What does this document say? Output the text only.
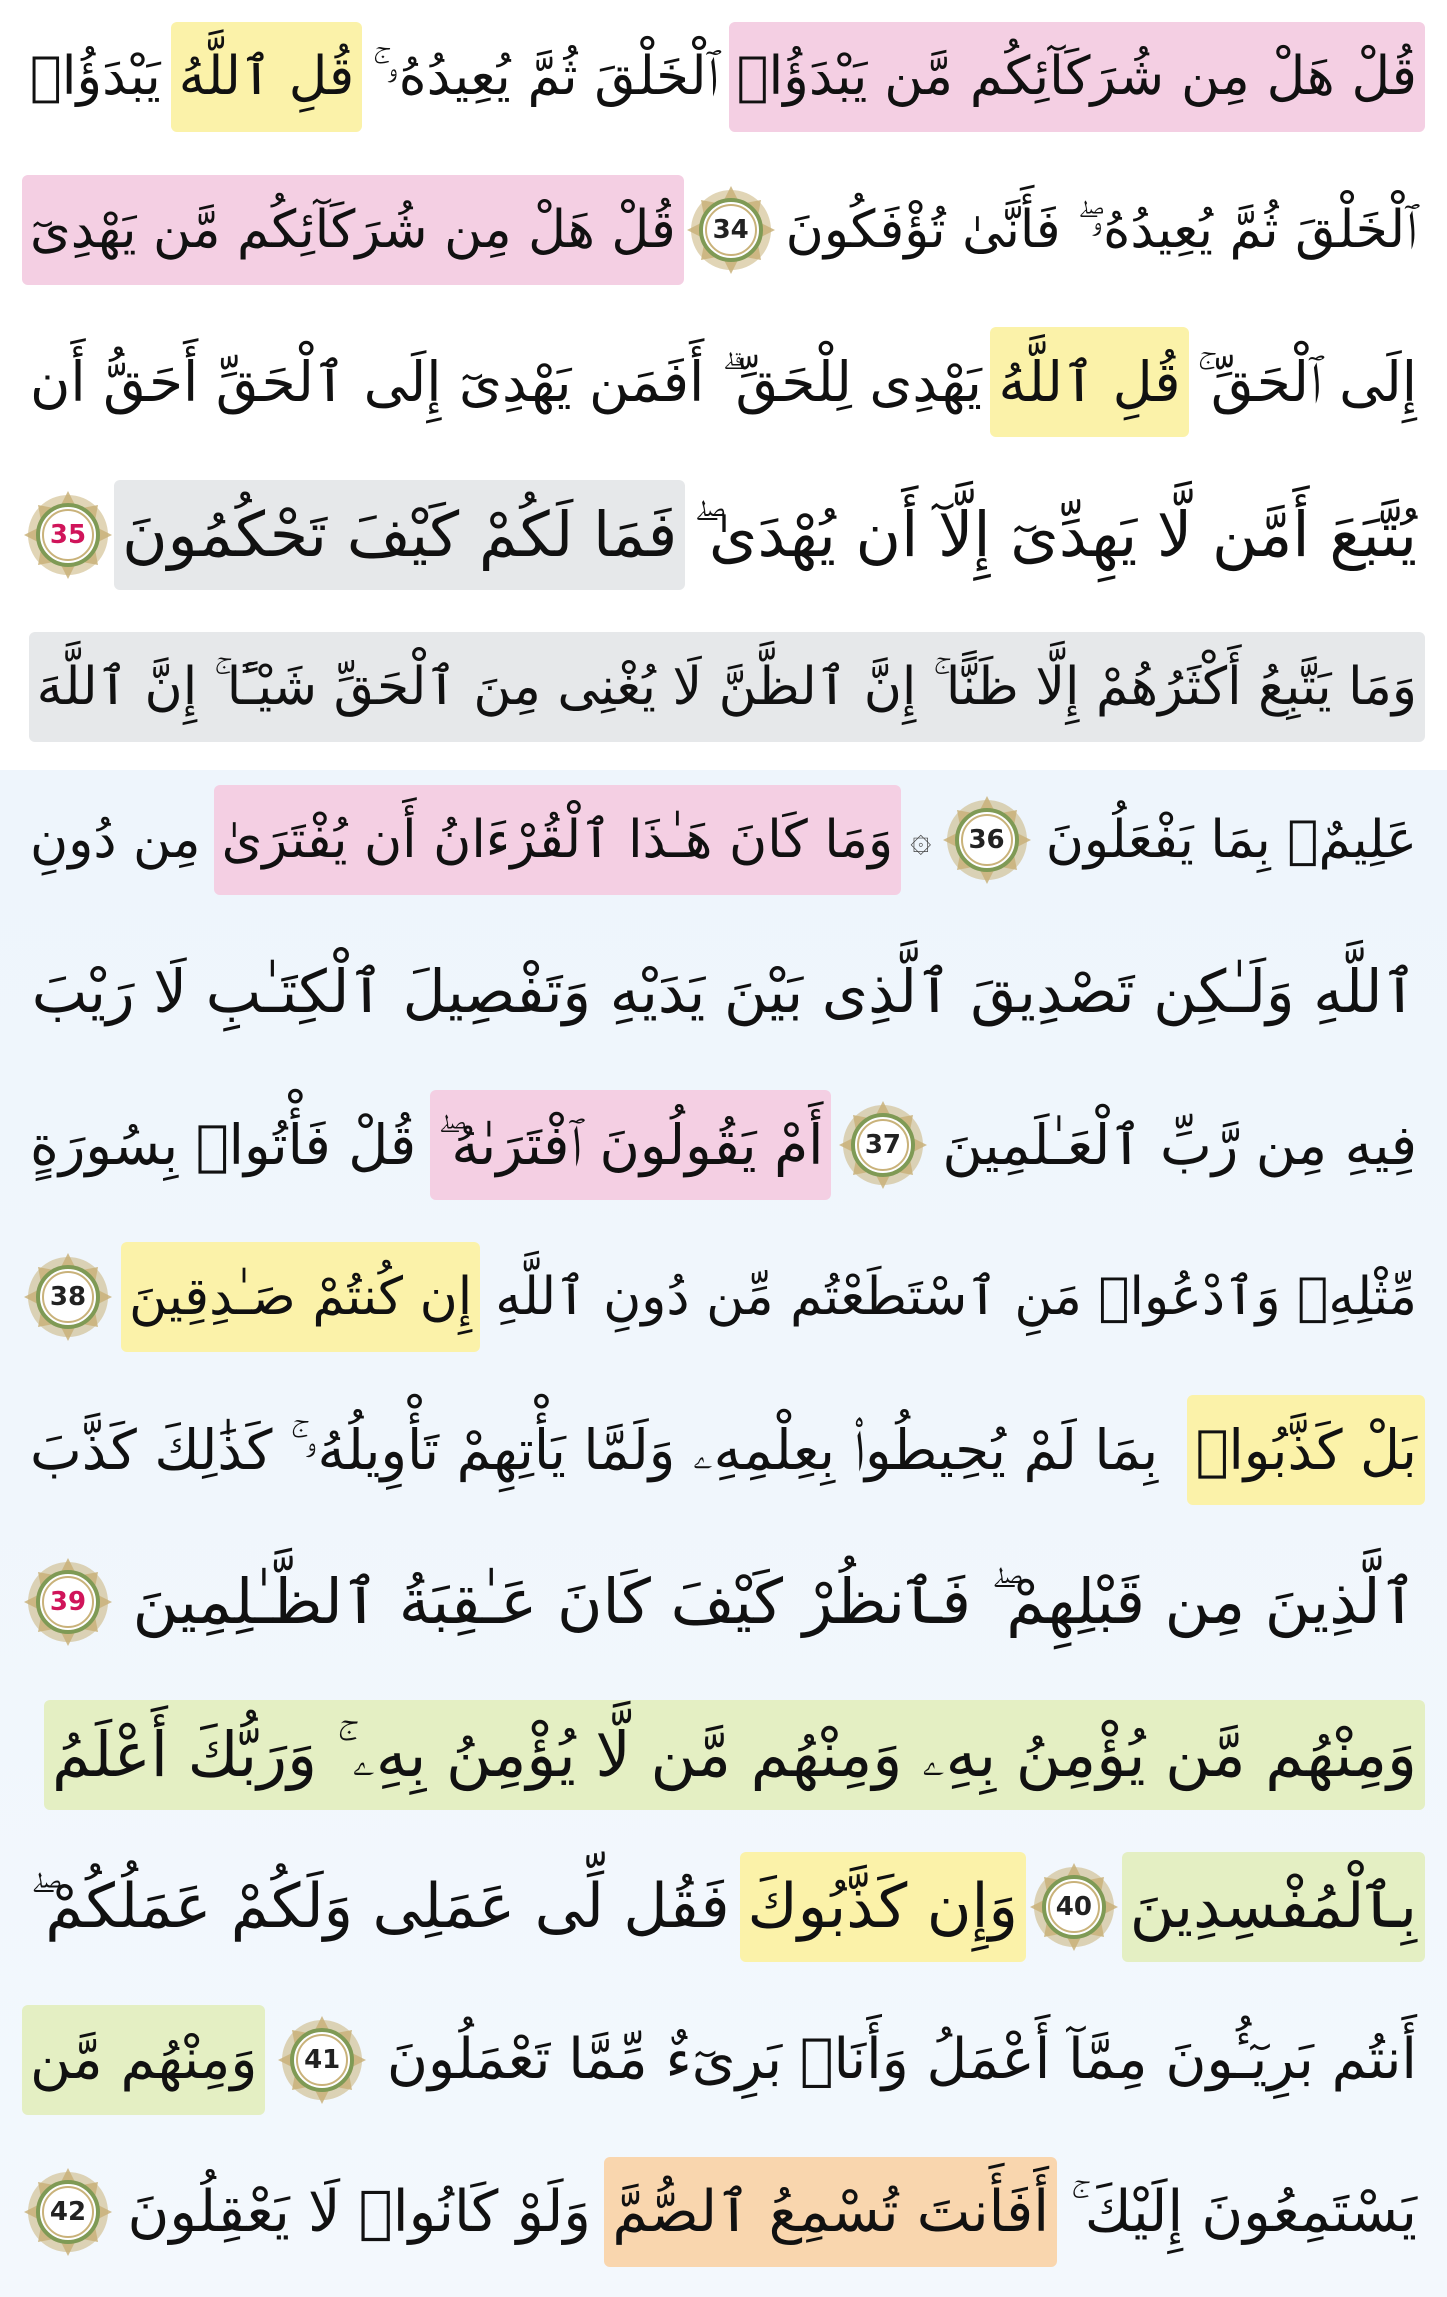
قُلْ هَلْ مِن شُرَكَآئِكُم مَّن يَبْدَؤُا۟
ٱلْخَلْقَ ثُمَّ يُعِيدُهُۥ ۚ
قُلِ ٱللَّهُ
يَبْدَؤُا۟
ٱلْخَلْقَ ثُمَّ يُعِيدُهُۥ ۖ فَأَنَّىٰ تُؤْفَكُونَ
34
قُلْ هَلْ مِن شُرَكَآئِكُم مَّن يَهْدِىٓ
إِلَى ٱلْحَقِّ ۚ
قُلِ ٱللَّهُ
يَهْدِى لِلْحَقِّ ۗ أَفَمَن يَهْدِىٓ إِلَى ٱلْحَقِّ أَحَقُّ أَن
يُتَّبَعَ أَمَّن لَّا يَهِدِّىٓ إِلَّآ أَن يُهْدَىٰ ۖ
فَمَا لَكُمْ كَيْفَ تَحْكُمُونَ
35
وَمَا يَتَّبِعُ أَكْثَرُهُمْ إِلَّا ظَنًّا ۚ إِنَّ ٱلظَّنَّ لَا يُغْنِى مِنَ ٱلْحَقِّ شَيْـًٔا ۚ إِنَّ ٱللَّهَ
عَلِيمٌۢ بِمَا يَفْعَلُونَ
36
۞
وَمَا كَانَ هَـٰذَا ٱلْقُرْءَانُ أَن يُفْتَرَىٰ
مِن دُونِ
ٱللَّهِ وَلَـٰكِن تَصْدِيقَ ٱلَّذِى بَيْنَ يَدَيْهِ وَتَفْصِيلَ ٱلْكِتَـٰبِ لَا رَيْبَ
فِيهِ مِن رَّبِّ ٱلْعَـٰلَمِينَ
37
أَمْ يَقُولُونَ ٱفْتَرَىٰهُ ۖ
قُلْ فَأْتُوا۟ بِسُورَةٍ
مِّثْلِهِۦ وَٱدْعُوا۟ مَنِ ٱسْتَطَعْتُم مِّن دُونِ ٱللَّهِ
إِن كُنتُمْ صَـٰدِقِينَ
38
بَلْ كَذَّبُوا۟
بِمَا لَمْ يُحِيطُوا۟ بِعِلْمِهِۦ وَلَمَّا يَأْتِهِمْ تَأْوِيلُهُۥ ۚ كَذَٰلِكَ كَذَّبَ
ٱلَّذِينَ مِن قَبْلِهِمْ ۖ فَٱنظُرْ كَيْفَ كَانَ عَـٰقِبَةُ ٱلظَّـٰلِمِينَ
39
وَمِنْهُم مَّن يُؤْمِنُ بِهِۦ وَمِنْهُم مَّن لَّا يُؤْمِنُ بِهِۦ ۚ وَرَبُّكَ أَعْلَمُ
بِٱلْمُفْسِدِينَ
40
وَإِن كَذَّبُوكَ
فَقُل لِّى عَمَلِى وَلَكُمْ عَمَلُكُمْ ۖ
أَنتُم بَرِيٓـُٔونَ مِمَّآ أَعْمَلُ وَأَنَا۠ بَرِىٓءٌ مِّمَّا تَعْمَلُونَ
41
وَمِنْهُم مَّن
يَسْتَمِعُونَ إِلَيْكَ ۚ
أَفَأَنتَ تُسْمِعُ ٱلصُّمَّ
وَلَوْ كَانُوا۟ لَا يَعْقِلُونَ
42
